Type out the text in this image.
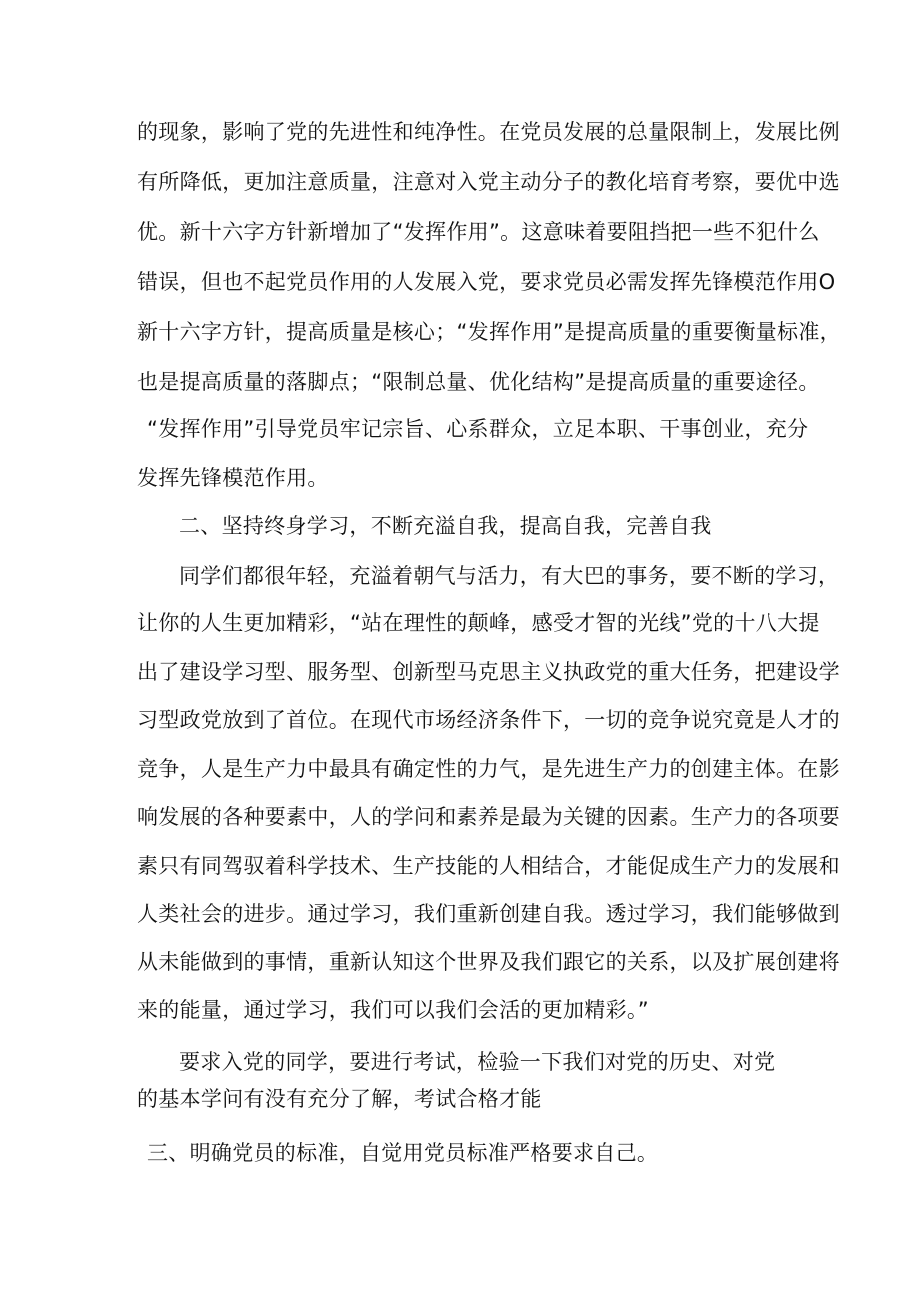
的现象，影响了党的先进性和纯净性。在党员发展的总量限制上，发展比例
有所降低，更加注意质量，注意对入党主动分子的教化培育考察，要优中选
优。新十六字方针新增加了“发挥作用”。这意味着要阻挡把一些不犯什么
错误，但也不起党员作用的人发展入党，要求党员必需发挥先锋模范作用O
新十六字方针，提高质量是核心；“发挥作用”是提高质量的重要衡量标准，
也是提高质量的落脚点；“限制总量、优化结构”是提高质量的重要途径。
“发挥作用”引导党员牢记宗旨、心系群众，立足本职、干事创业，充分
发挥先锋模范作用。
二、坚持终身学习，不断充溢自我，提高自我，完善自我
同学们都很年轻，充溢着朝气与活力，有大巴的事务，要不断的学习，
让你的人生更加精彩，“站在理性的颠峰，感受才智的光线”党的十八大提
出了建设学习型、服务型、创新型马克思主义执政党的重大任务，把建设学
习型政党放到了首位。在现代市场经济条件下，一切的竞争说究竟是人才的
竞争，人是生产力中最具有确定性的力气，是先进生产力的创建主体。在影
响发展的各种要素中，人的学问和素养是最为关键的因素。生产力的各项要
素只有同驾驭着科学技术、生产技能的人相结合，才能促成生产力的发展和
人类社会的进步。通过学习，我们重新创建自我。透过学习，我们能够做到
从未能做到的事情，重新认知这个世界及我们跟它的关系，以及扩展创建将
来的能量，通过学习，我们可以我们会活的更加精彩。”
要求入党的同学，要进行考试，检验一下我们对党的历史、对党
的基本学问有没有充分了解，考试合格才能
三、明确党员的标准，自觉用党员标准严格要求自己。
